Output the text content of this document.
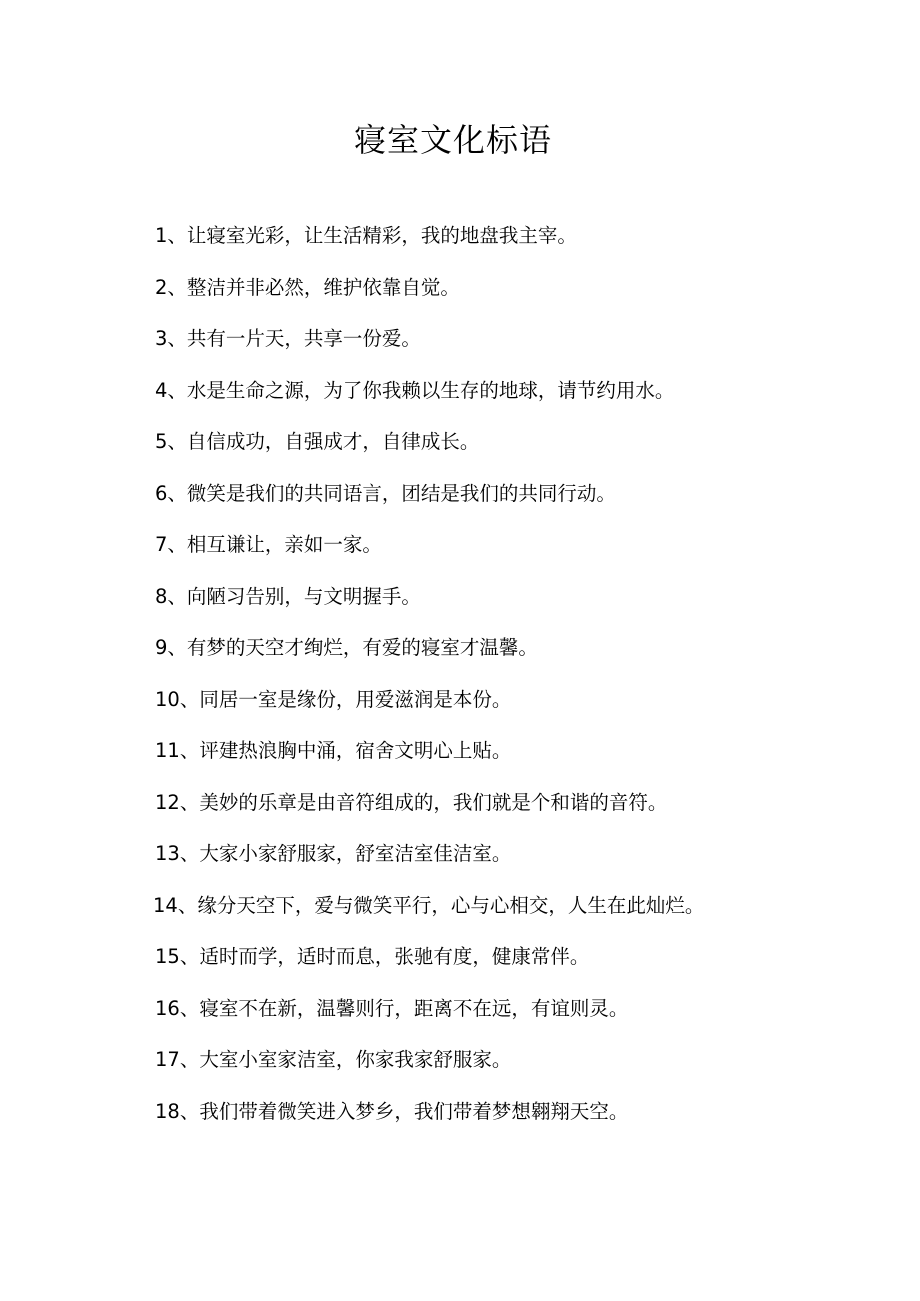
寝室文化标语
1、让寝室光彩，让生活精彩，我的地盘我主宰。
2、整洁并非必然，维护依靠自觉。
3、共有一片天，共享一份爱。
4、水是生命之源，为了你我赖以生存的地球，请节约用水。
5、自信成功，自强成才，自律成长。
6、微笑是我们的共同语言，团结是我们的共同行动。
7、相互谦让，亲如一家。
8、向陋习告别，与文明握手。
9、有梦的天空才绚烂，有爱的寝室才温馨。
10、同居一室是缘份，用爱滋润是本份。
11、评建热浪胸中涌，宿舍文明心上贴。
12、美妙的乐章是由音符组成的，我们就是个和谐的音符。
13、大家小家舒服家，舒室洁室佳洁室。
14、缘分天空下，爱与微笑平行，心与心相交，人生在此灿烂。
15、适时而学，适时而息，张驰有度，健康常伴。
16、寝室不在新，温馨则行，距离不在远，有谊则灵。
17、大室小室家洁室，你家我家舒服家。
18、我们带着微笑进入梦乡，我们带着梦想翱翔天空。
